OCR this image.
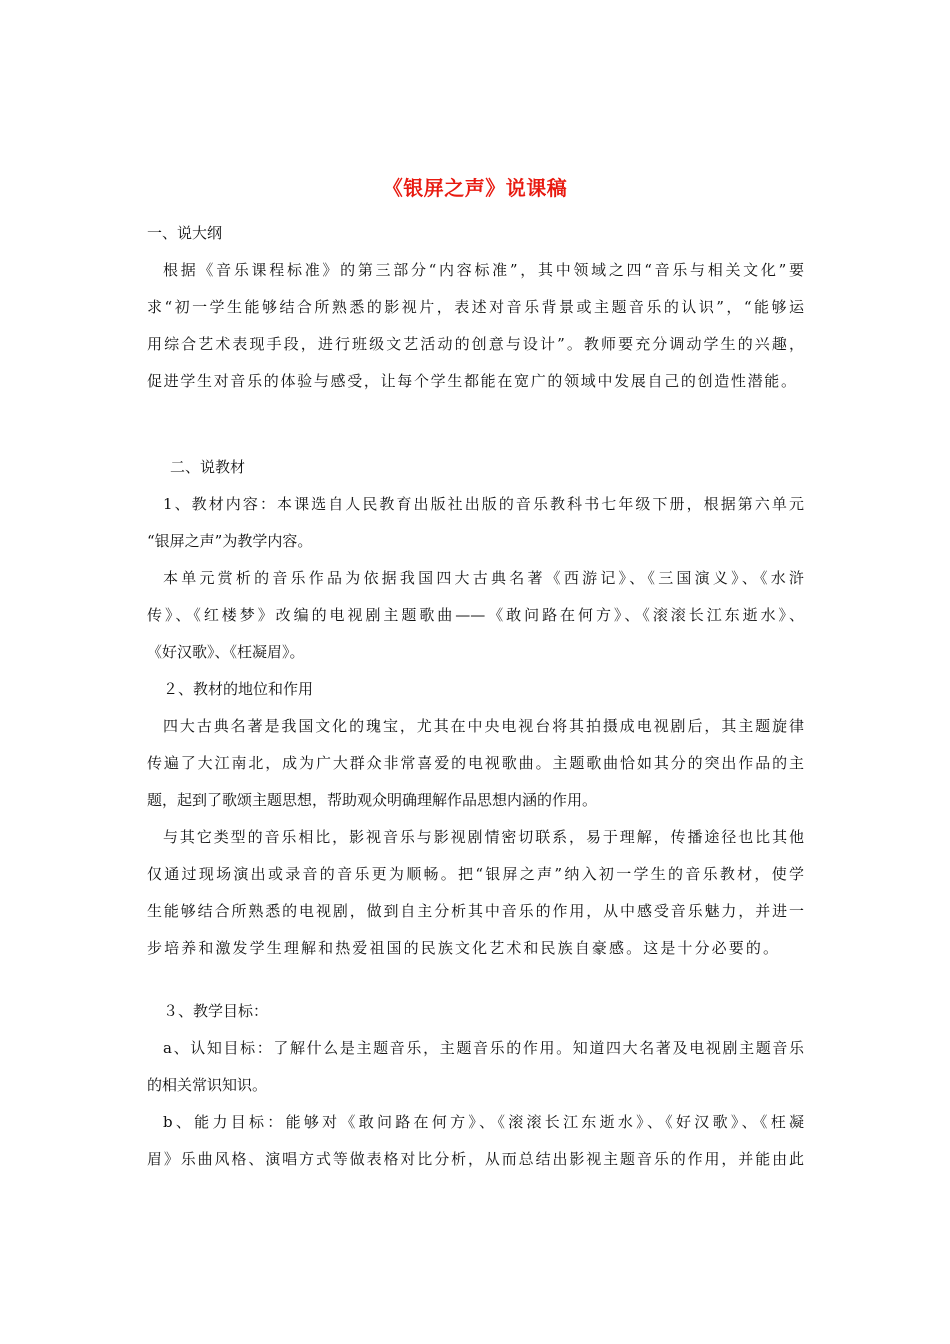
《银屏之声》说课稿
一、说大纲
根据《音乐课程标准》的第三部分“内容标准”，其中领域之四“音乐与相关文化”要
求“初一学生能够结合所熟悉的影视片，表述对音乐背景或主题音乐的认识”，“能够运
用综合艺术表现手段，进行班级文艺活动的创意与设计”。教师要充分调动学生的兴趣，
促进学生对音乐的体验与感受，让每个学生都能在宽广的领域中发展自己的创造性潜能。
二、说教材
1、教材内容：本课选自人民教育出版社出版的音乐教科书七年级下册，根据第六单元
“银屏之声”为教学内容。
本单元赏析的音乐作品为依据我国四大古典名著《西游记》、《三国演义》、《水浒
传》、《红楼梦》改编的电视剧主题歌曲——《敢问路在何方》、《滚滚长江东逝水》、
《好汉歌》、《枉凝眉》。
２、教材的地位和作用
四大古典名著是我国文化的瑰宝，尤其在中央电视台将其拍摄成电视剧后，其主题旋律
传遍了大江南北，成为广大群众非常喜爱的电视歌曲。主题歌曲恰如其分的突出作品的主
题，起到了歌颂主题思想，帮助观众明确理解作品思想内涵的作用。
与其它类型的音乐相比，影视音乐与影视剧情密切联系，易于理解，传播途径也比其他
仅通过现场演出或录音的音乐更为顺畅。把“银屏之声”纳入初一学生的音乐教材，使学
生能够结合所熟悉的电视剧，做到自主分析其中音乐的作用，从中感受音乐魅力，并进一
步培养和激发学生理解和热爱祖国的民族文化艺术和民族自豪感。这是十分必要的。
３、教学目标：
a、认知目标：了解什么是主题音乐，主题音乐的作用。知道四大名著及电视剧主题音乐
的相关常识知识。
b、能力目标：能够对《敢问路在何方》、《滚滚长江东逝水》、《好汉歌》、《枉凝
眉》乐曲风格、演唱方式等做表格对比分析，从而总结出影视主题音乐的作用，并能由此
